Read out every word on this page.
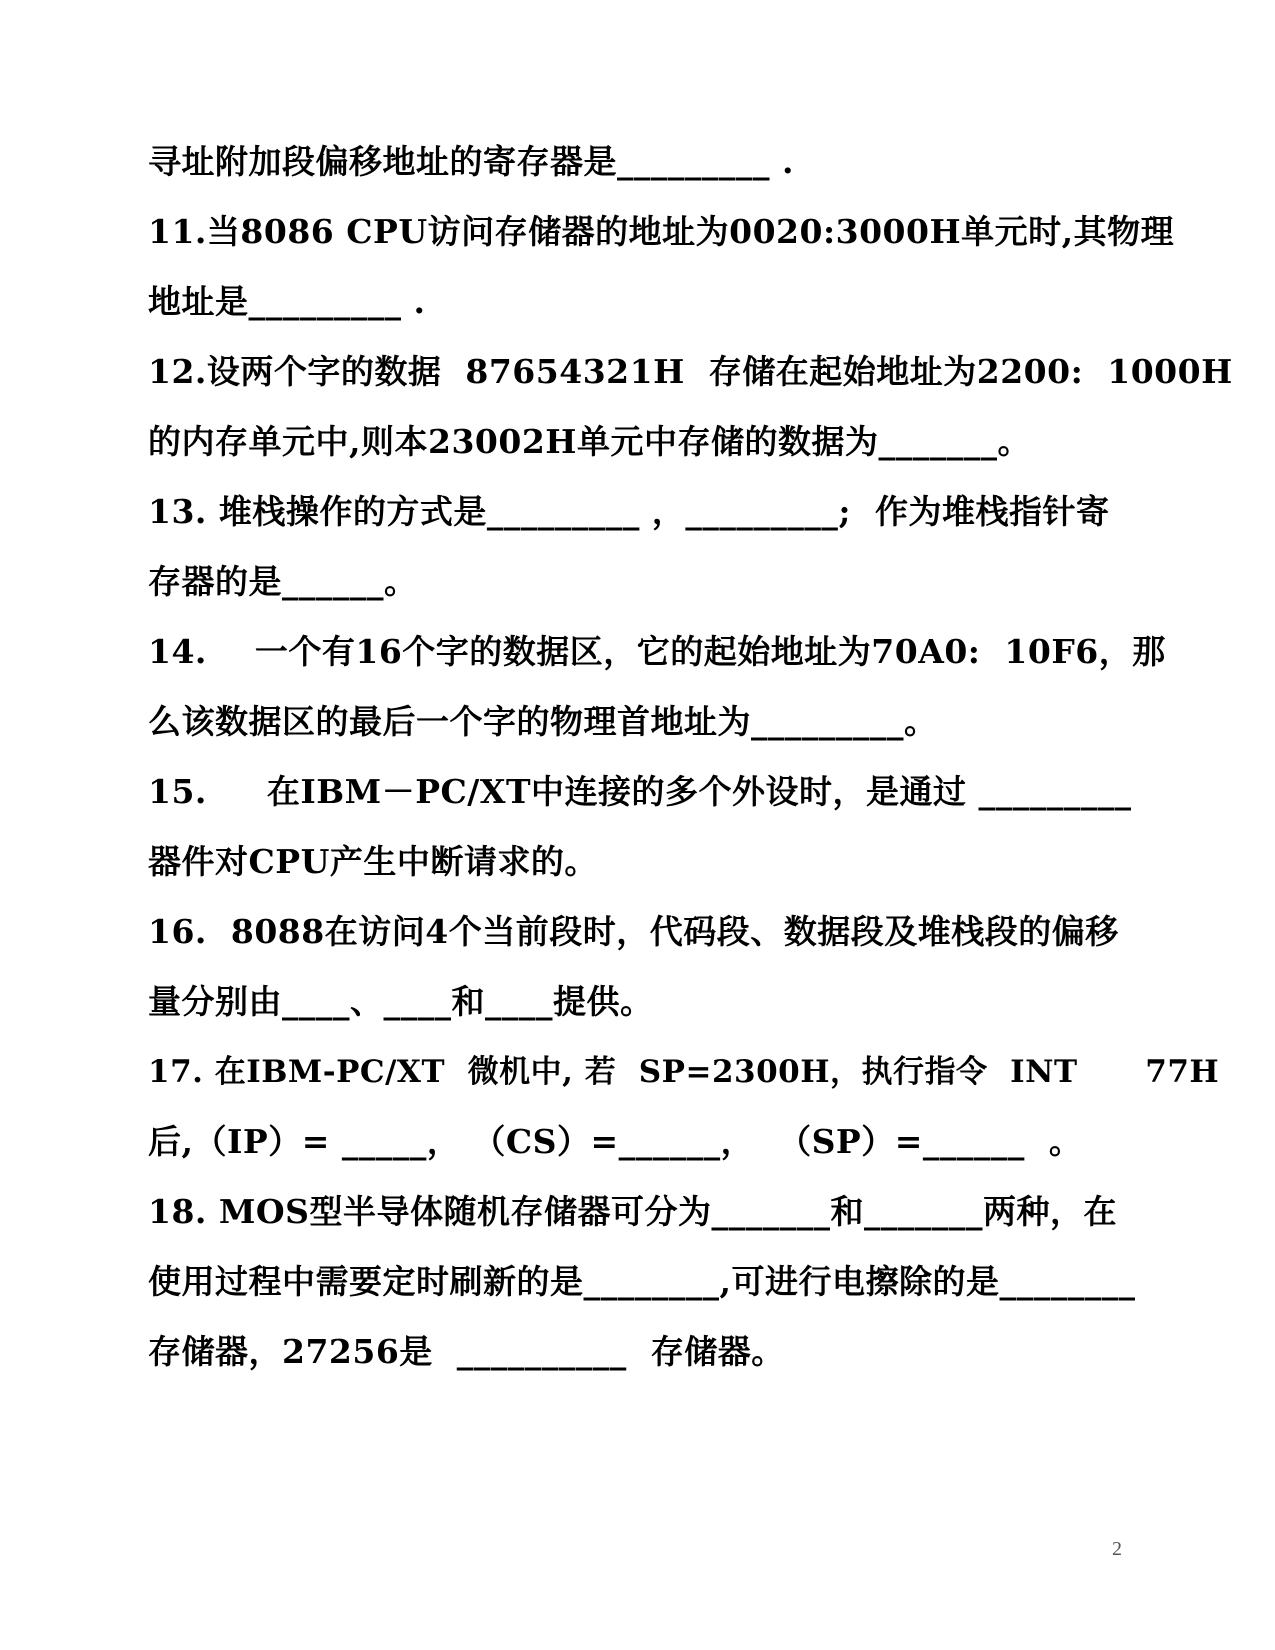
寻址附加段偏移地址的寄存器是_________ .
11.当8086 CPU访问存储器的地址为0020:3000H单元时,其物理
地址是_________ .
12.设两个字的数据  87654321H  存储在起始地址为2200:  1000H
的内存单元中,则本23002H单元中存储的数据为_______。
13. 堆栈操作的方式是_________ ，_________;  作为堆栈指针寄
存器的是______。
14.    一个有16个字的数据区，它的起始地址为70A0:  10F6，那
么该数据区的最后一个字的物理首地址为_________。
15.     在IBM－PC/XT中连接的多个外设时，是通过 _________
器件对CPU产生中断请求的。
16.  8088在访问4个当前段时，代码段、数据段及堆栈段的偏移
量分别由____、____和____提供。
17. 在IBM-PC/XT  微机中, 若  SP=2300H，执行指令  INT      77H
后,（IP）= _____， （CS）=______，  （SP）=______  。
18. MOS型半导体随机存储器可分为_______和_______两种，在
使用过程中需要定时刷新的是________,可进行电擦除的是________
存储器，27256是  __________  存储器。
2
